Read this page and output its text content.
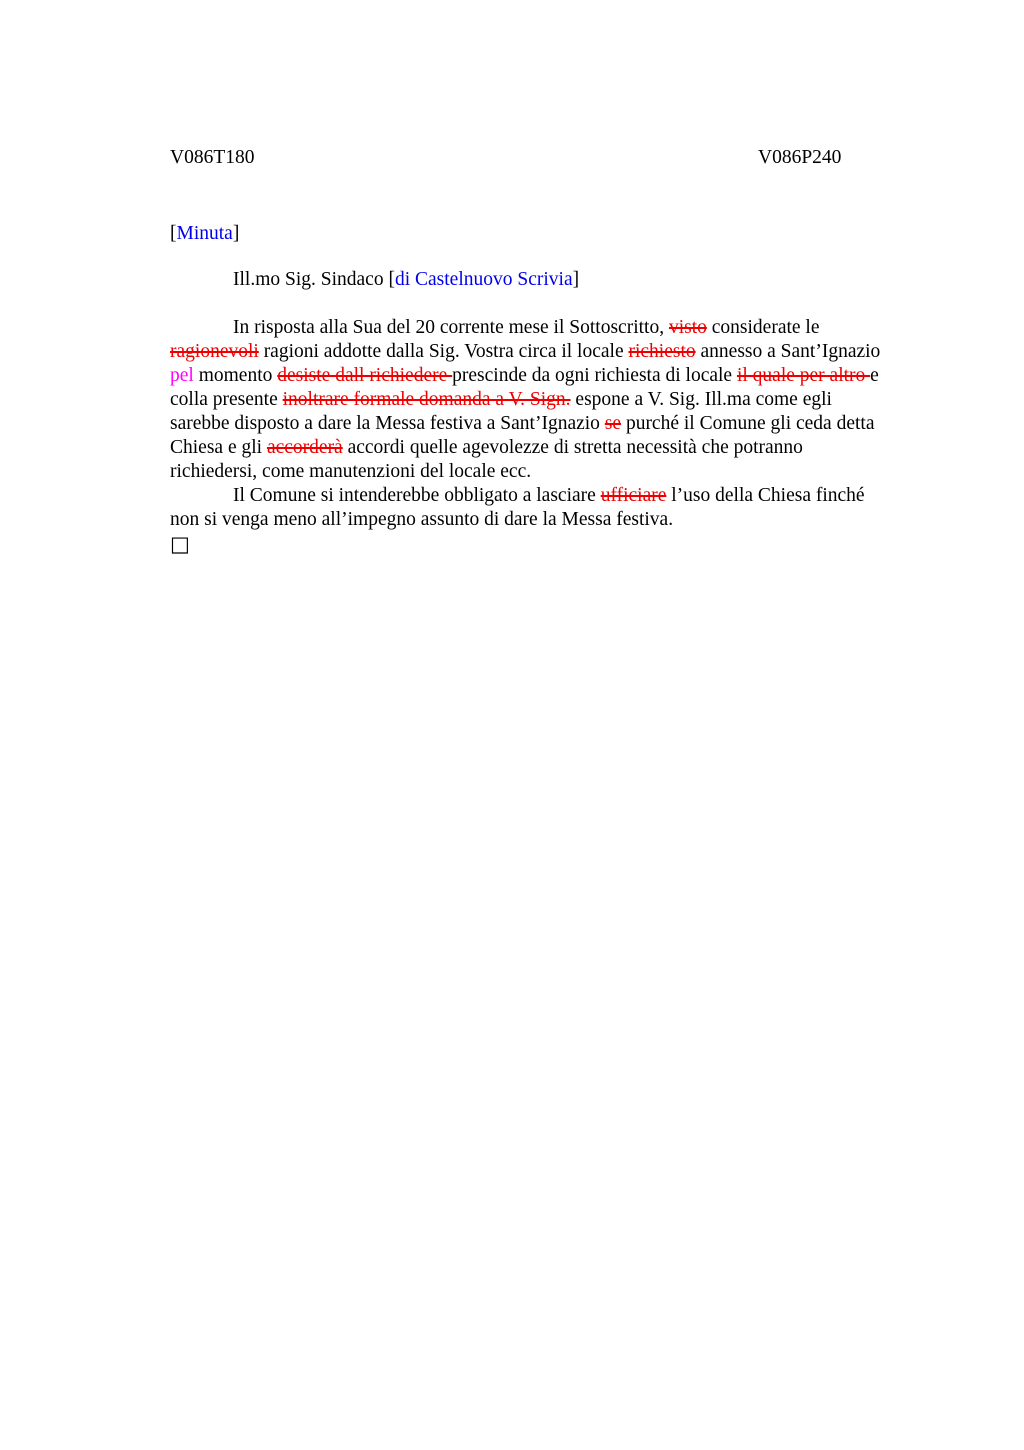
V086T180	V086P240
[Minuta]
Ill.mo Sig. Sindaco [di Castelnuovo Scrivia]
In risposta alla Sua del 20 corrente mese il Sottoscritto, visto considerate le
ragionevoli ragioni addotte dalla Sig. Vostra circa il locale richiesto annesso a Sant’Ignazio
pel momento desiste dall richiedere prescinde da ogni richiesta di locale il quale per altro e
colla presente inoltrare formale domanda a V. Sign. espone a V. Sig. Ill.ma come egli
sarebbe disposto a dare la Messa festiva a Sant’Ignazio se purché il Comune gli ceda detta
Chiesa e gli accorderà accordi quelle agevolezze di stretta necessità che potranno
richiedersi, come manutenzioni del locale ecc.
Il Comune si intenderebbe obbligato a lasciare ufficiare l’uso della Chiesa finché
non si venga meno all’impegno assunto di dare la Messa festiva.
□
